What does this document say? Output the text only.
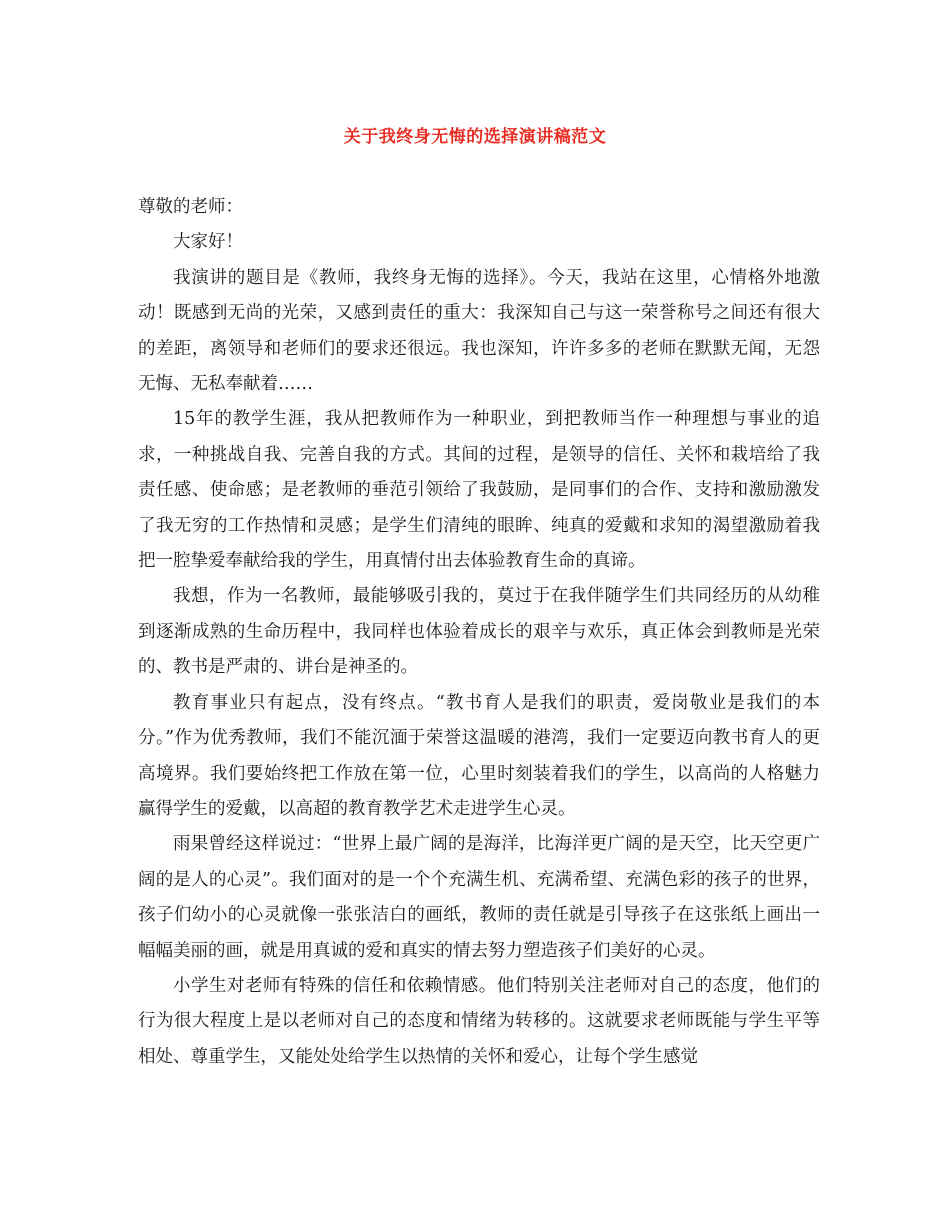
关于我终身无悔的选择演讲稿范文

尊敬的老师：

大家好！

我演讲的题目是《教师，我终身无悔的选择》。今天，我站在这里，心情格外地激动！既感到无尚的光荣，又感到责任的重大：我深知自己与这一荣誉称号之间还有很大的差距，离领导和老师们的要求还很远。我也深知，许许多多的老师在默默无闻，无怨无悔、无私奉献着……

15年的教学生涯，我从把教师作为一种职业，到把教师当作一种理想与事业的追求，一种挑战自我、完善自我的方式。其间的过程，是领导的信任、关怀和栽培给了我责任感、使命感；是老教师的垂范引领给了我鼓励，是同事们的合作、支持和激励激发了我无穷的工作热情和灵感；是学生们清纯的眼眸、纯真的爱戴和求知的渴望激励着我把一腔挚爱奉献给我的学生，用真情付出去体验教育生命的真谛。

我想，作为一名教师，最能够吸引我的，莫过于在我伴随学生们共同经历的从幼稚到逐渐成熟的生命历程中，我同样也体验着成长的艰辛与欢乐，真正体会到教师是光荣的、教书是严肃的、讲台是神圣的。

教育事业只有起点，没有终点。“教书育人是我们的职责，爱岗敬业是我们的本分。”作为优秀教师，我们不能沉湎于荣誉这温暖的港湾，我们一定要迈向教书育人的更高境界。我们要始终把工作放在第一位，心里时刻装着我们的学生，以高尚的人格魅力赢得学生的爱戴，以高超的教育教学艺术走进学生心灵。

雨果曾经这样说过：“世界上最广阔的是海洋，比海洋更广阔的是天空，比天空更广阔的是人的心灵”。我们面对的是一个个充满生机、充满希望、充满色彩的孩子的世界，孩子们幼小的心灵就像一张张洁白的画纸，教师的责任就是引导孩子在这张纸上画出一幅幅美丽的画，就是用真诚的爱和真实的情去努力塑造孩子们美好的心灵。

小学生对老师有特殊的信任和依赖情感。他们特别关注老师对自己的态度，他们的行为很大程度上是以老师对自己的态度和情绪为转移的。这就要求老师既能与学生平等相处、尊重学生，又能处处给学生以热情的关怀和爱心，让每个学生感觉
